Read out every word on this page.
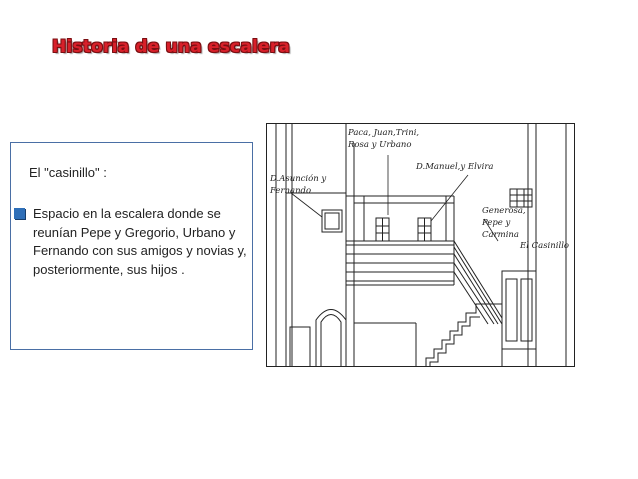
Historia de una escalera
El "casinillo" :
Espacio en la escalera donde se reunían Pepe y Gregorio, Urbano y Fernando con sus amigos y novias y, posteriormente, sus hijos .
Paca, Juan,Trini,
Rosa y Urbano
D.Asunción y
Fernando
D.Manuel,y Elvira
Generosa,
Pepe y
Carmina
El Casinillo
